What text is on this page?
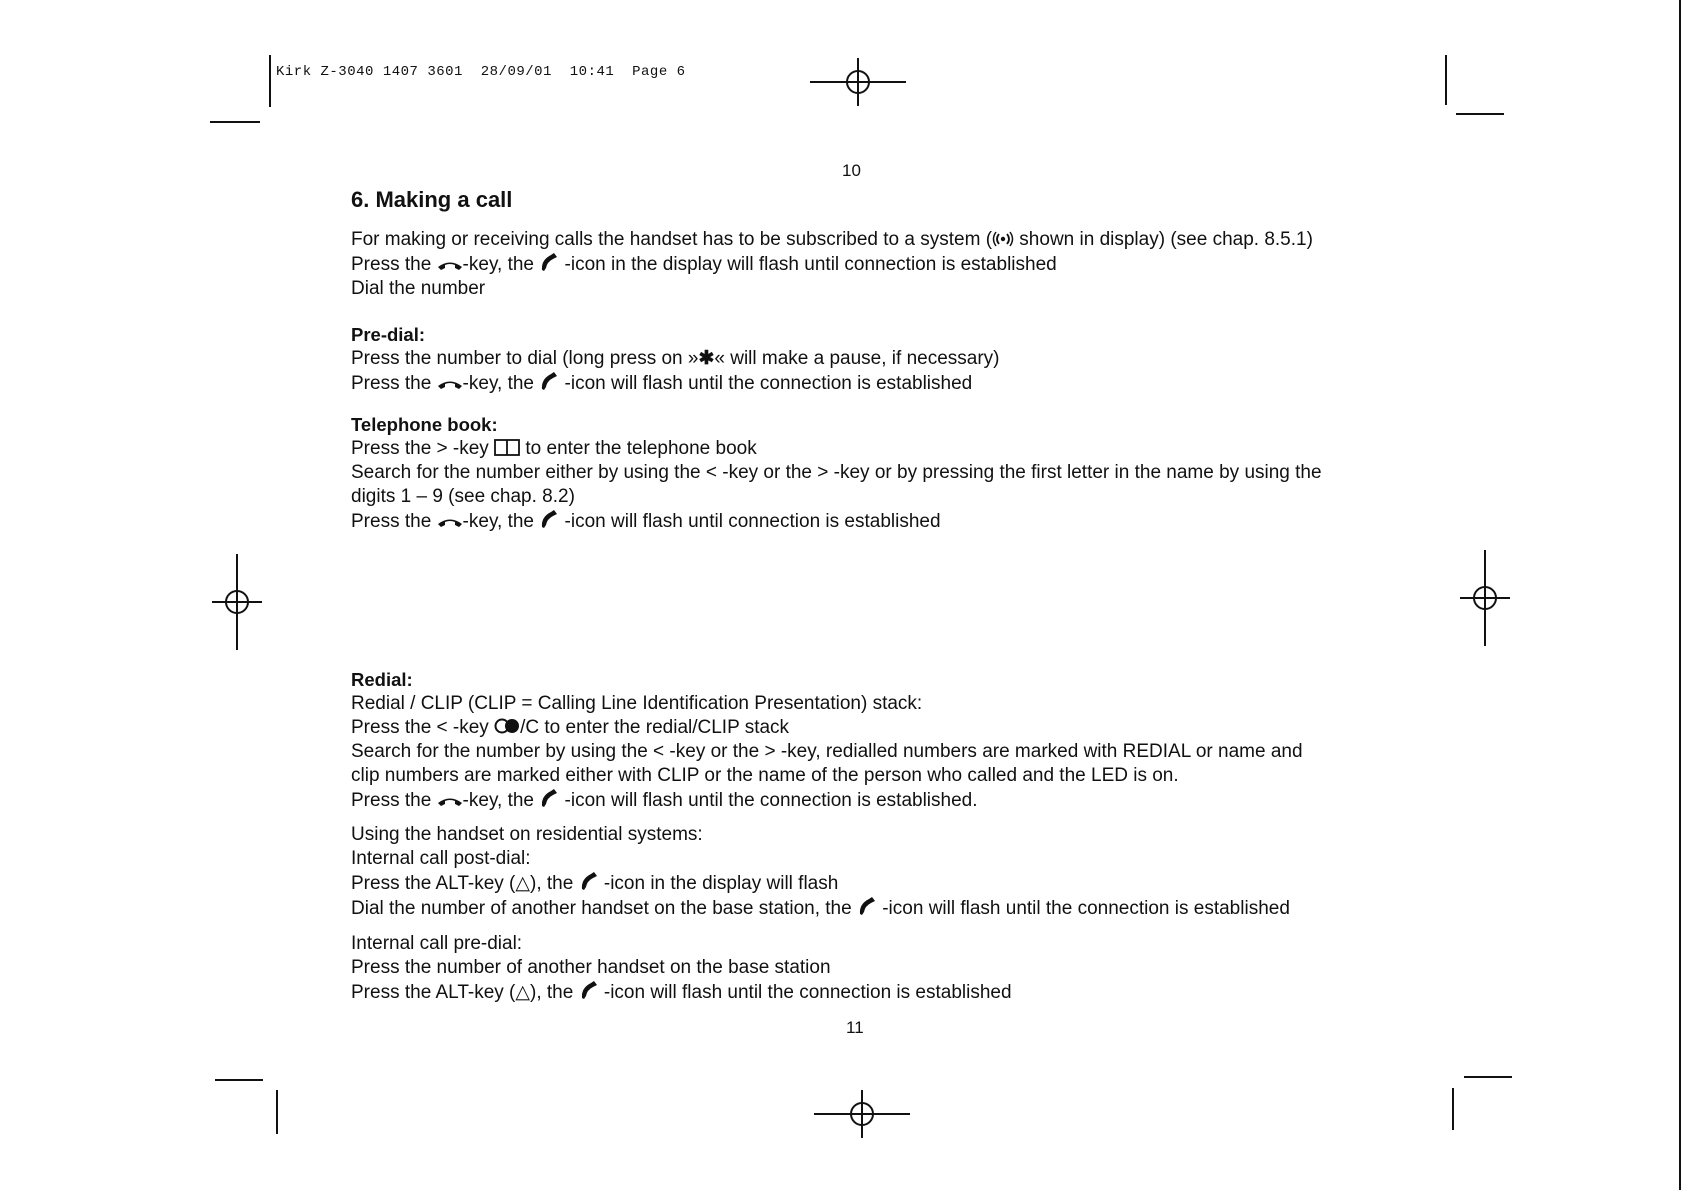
Kirk Z-3040 1407 3601 28/09/01 10:41 Page 6
10
11
6. Making a call
For making or receiving calls the handset has to be subscribed to a system ( shown in display) (see chap. 8.5.1)
Press the -key, the  -icon in the display will flash until connection is established
Dial the number
Pre-dial:
Press the number to dial (long press on »✱« will make a pause, if necessary)
Press the -key, the  -icon will flash until the connection is established
Telephone book:
Press the > -key  to enter the telephone book
Search for the number either by using the < -key or the > -key or by pressing the first letter in the name by using the
digits 1 – 9 (see chap. 8.2)
Press the -key, the  -icon will flash until connection is established
Redial:
Redial / CLIP (CLIP = Calling Line Identification Presentation) stack:
Press the < -key /C to enter the redial/CLIP stack
Search for the number by using the < -key or the > -key, redialled numbers are marked with REDIAL or name and
clip numbers are marked either with CLIP or the name of the person who called and the LED is on.
Press the -key, the  -icon will flash until the connection is established.
Using the handset on residential systems:
Internal call post-dial:
Press the ALT-key (△), the  -icon in the display will flash
Dial the number of another handset on the base station, the  -icon will flash until the connection is established
Internal call pre-dial:
Press the number of another handset on the base station
Press the ALT-key (△), the  -icon will flash until the connection is established
